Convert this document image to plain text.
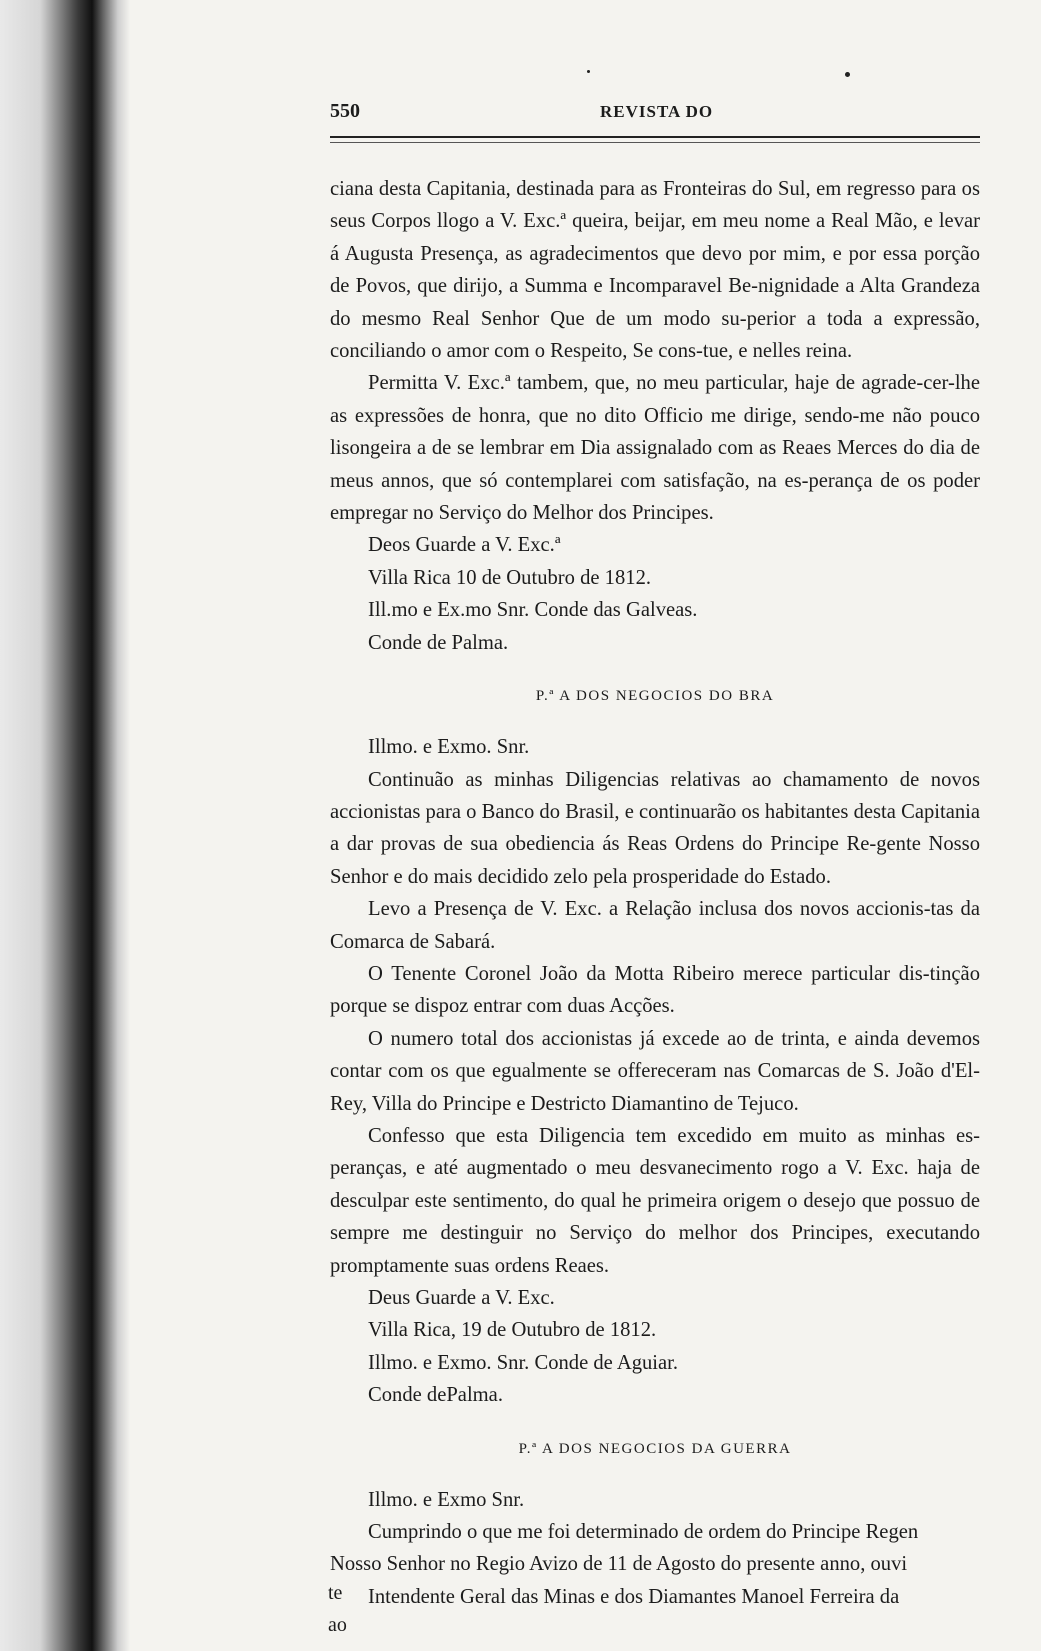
550	REVISTA DO

ciana desta Capitania, destinada para as Fronteiras do Sul, em regresso para os seus Corpos llogo a V. Exc.ª queira, beijar, em meu nome a Real Mão, e levar á Augusta Presença, as agradecimentos que devo por mim, e por essa porção de Povos, que dirijo, a Summa e Incomparavel Be-nignidade a Alta Grandeza do mesmo Real Senhor Que de um modo su-perior a toda a expressão, conciliando o amor com o Respeito, Se cons-tue, e nelles reina.

Permitta V. Exc.ª tambem, que, no meu particular, haje de agrade-cer-lhe as expressões de honra, que no dito Officio me dirige, sendo-me não pouco lisongeira a de se lembrar em Dia assignalado com as Reaes Merces do dia de meus annos, que só contemplarei com satisfação, na es-perança de os poder empregar no Serviço do Melhor dos Principes.

Deos Guarde a V. Exc.ª
Villa Rica 10 de Outubro de 1812.
Ill.mo e Ex.mo Snr. Conde das Galveas.
Conde de Palma.
P.ª A DOS NEGOCIOS DO BRA
Illmo. e Exmo. Snr.

Continuão as minhas Diligencias relativas ao chamamento de novos accionistas para o Banco do Brasil, e continuarão os habitantes desta Capitania a dar provas de sua obediencia ás Reas Ordens do Principe Re-gente Nosso Senhor e do mais decidido zelo pela prosperidade do Estado.

Levo a Presença de V. Exc. a Relação inclusa dos novos accionis-tas da Comarca de Sabará.

O Tenente Coronel João da Motta Ribeiro merece particular dis-tinção porque se dispoz entrar com duas Acções.

O numero total dos accionistas já excede ao de trinta, e ainda devemos contar com os que egualmente se offereceram nas Comarcas de S. João d'El-Rey, Villa do Principe e Destricto Diamantino de Tejuco.

Confesso que esta Diligencia tem excedido em muito as minhas es-peranças, e até augmentado o meu desvanecimento rogo a V. Exc. haja de desculpar este sentimento, do qual he primeira origem o desejo que possuo de sempre me destinguir no Serviço do melhor dos Principes, executando promptamente suas ordens Reaes.

Deus Guarde a V. Exc.
Villa Rica, 19 de Outubro de 1812.
Illmo. e Exmo. Snr. Conde de Aguiar.
Conde dePalma.
P.ª A DOS NEGOCIOS DA GUERRA
Illmo. e Exmo Snr.
Cumprindo o que me foi determinado de ordem do Principe Regen
Nosso Senhor no Regio Avizo de 11 de Agosto do presente anno, ouvi
Intendente Geral das Minas e dos Diamantes Manoel Ferreira da
te
ao
